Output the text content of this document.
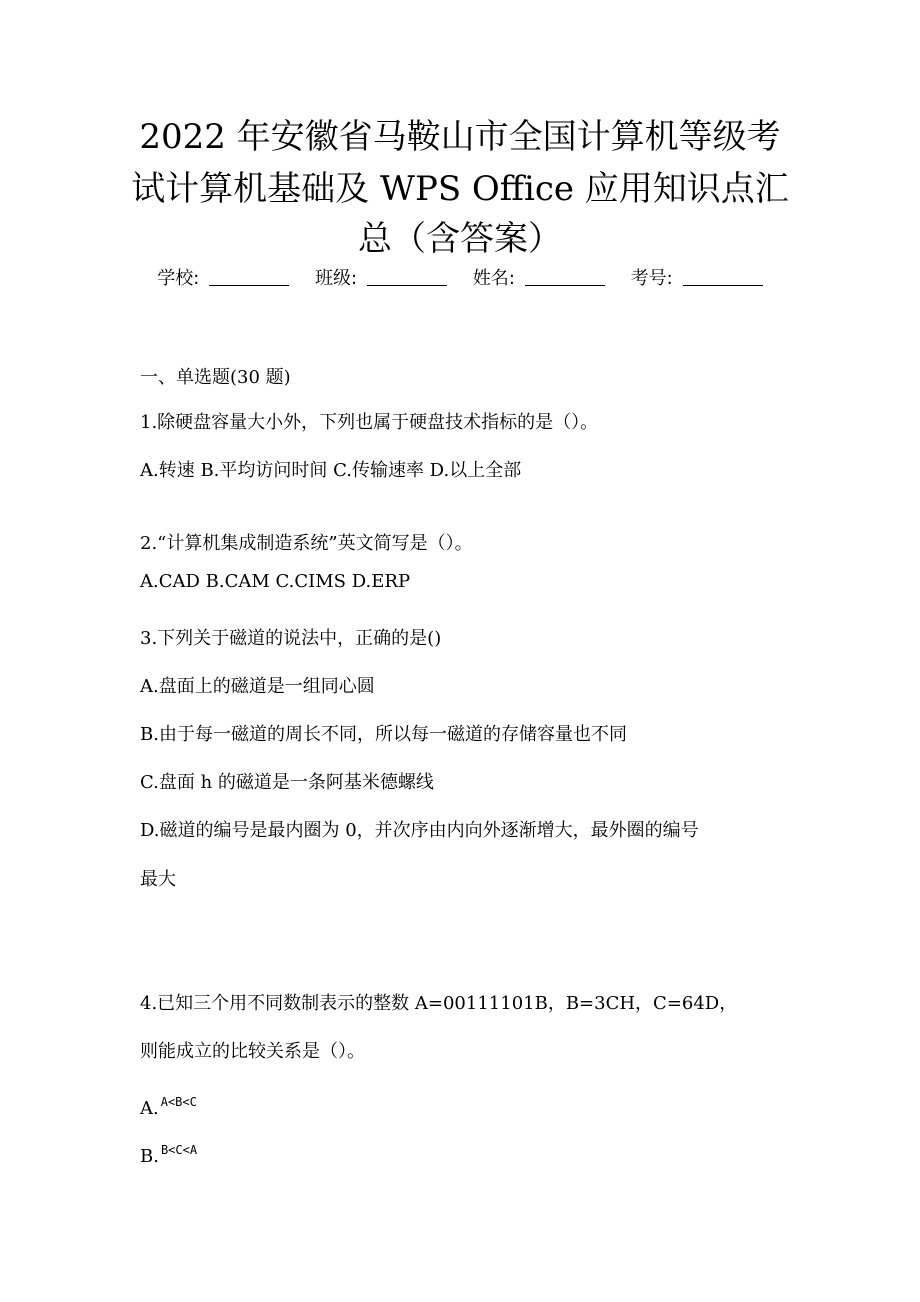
2022 年安徽省马鞍山市全国计算机等级考
试计算机基础及 WPS Office 应用知识点汇
总（含答案）
学校:	班级:	姓名:	考号:
一、单选题(30 题)
1.除硬盘容量大小外，下列也属于硬盘技术指标的是（）。
A.转速 B.平均访问时间 C.传输速率 D.以上全部
2.“计算机集成制造系统”英文简写是（）。
A.CAD B.CAM C.CIMS D.ERP
3.下列关于磁道的说法中，正确的是()
A.盘面上的磁道是一组同心圆
B.由于每一磁道的周长不同，所以每一磁道的存储容量也不同
C.盘面 h 的磁道是一条阿基米德螺线
D.磁道的编号是最内圈为 0，并次序由内向外逐渐增大，最外圈的编号
最大
4.已知三个用不同数制表示的整数 A=00111101B，B=3CH，C=64D，
则能成立的比较关系是（）。
A. $^{A<B<C}$
B. $^{B<C<A}$
